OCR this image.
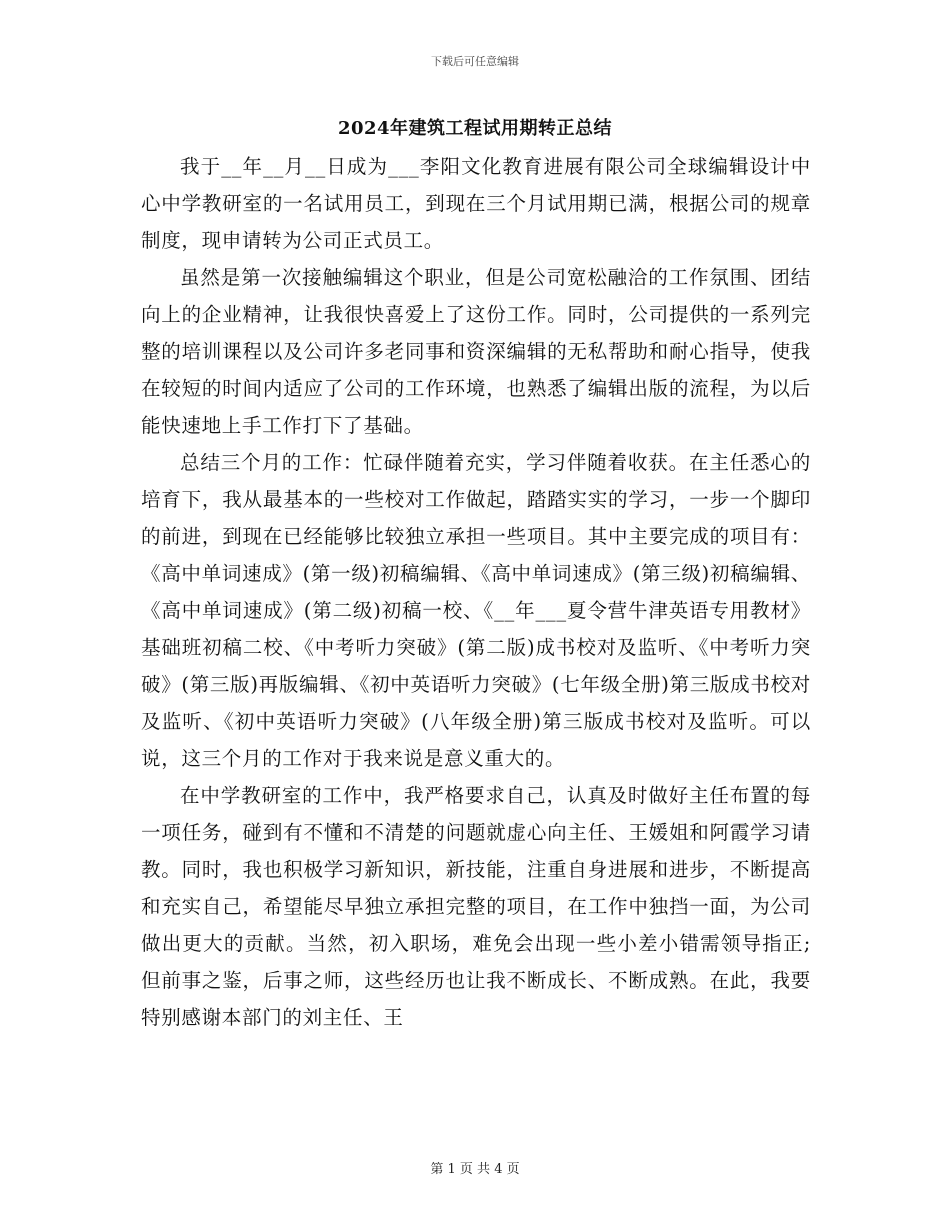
下载后可任意编辑
2024年建筑工程试用期转正总结

我于__年__月__日成为___李阳文化教育进展有限公司全球编辑设计中心中学教研室的一名试用员工，到现在三个月试用期已满，根据公司的规章制度，现申请转为公司正式员工。

虽然是第一次接触编辑这个职业，但是公司宽松融洽的工作氛围、团结向上的企业精神，让我很快喜爱上了这份工作。同时，公司提供的一系列完整的培训课程以及公司许多老同事和资深编辑的无私帮助和耐心指导，使我在较短的时间内适应了公司的工作环境，也熟悉了编辑出版的流程，为以后能快速地上手工作打下了基础。

总结三个月的工作：忙碌伴随着充实，学习伴随着收获。在主任悉心的培育下，我从最基本的一些校对工作做起，踏踏实实的学习，一步一个脚印的前进，到现在已经能够比较独立承担一些项目。其中主要完成的项目有：《高中单词速成》(第一级)初稿编辑、《高中单词速成》(第三级)初稿编辑、《高中单词速成》(第二级)初稿一校、《__年___夏令营牛津英语专用教材》基础班初稿二校、《中考听力突破》(第二版)成书校对及监听、《中考听力突破》(第三版)再版编辑、《初中英语听力突破》(七年级全册)第三版成书校对及监听、《初中英语听力突破》(八年级全册)第三版成书校对及监听。可以说，这三个月的工作对于我来说是意义重大的。

在中学教研室的工作中，我严格要求自己，认真及时做好主任布置的每一项任务，碰到有不懂和不清楚的问题就虚心向主任、王媛姐和阿霞学习请教。同时，我也积极学习新知识，新技能，注重自身进展和进步，不断提高和充实自己，希望能尽早独立承担完整的项目，在工作中独挡一面，为公司做出更大的贡献。当然，初入职场，难免会出现一些小差小错需领导指正;但前事之鉴，后事之师，这些经历也让我不断成长、不断成熟。在此，我要特别感谢本部门的刘主任、王

第 1 页 共 4 页
